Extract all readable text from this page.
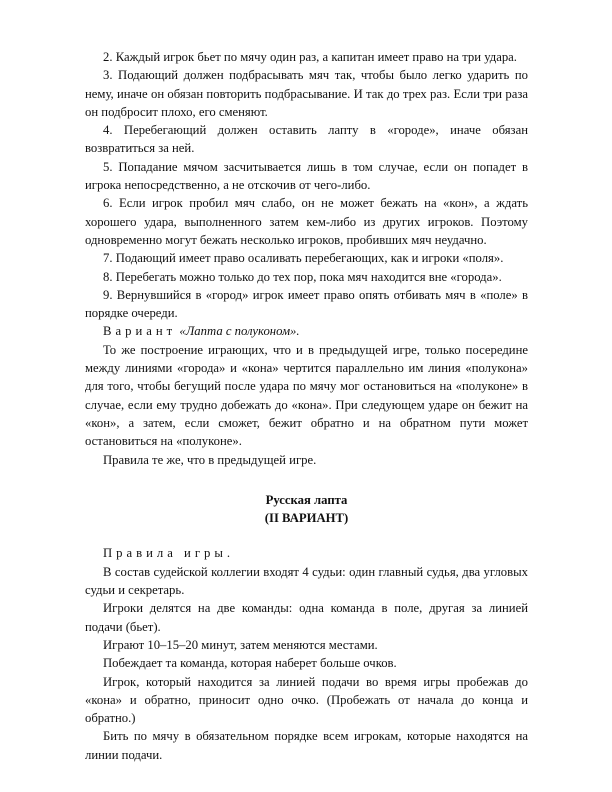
2. Каждый игрок бьет по мячу один раз, а капитан имеет право на три удара.

3. Подающий должен подбрасывать мяч так, чтобы было легко ударить по нему, иначе он обязан повторить подбрасывание. И так до трех раз. Если три раза он подбросит плохо, его сменяют.

4. Перебегающий должен оставить лапту в «городе», иначе обязан возвратиться за ней.

5. Попадание мячом засчитывается лишь в том случае, если он попадет в игрока непосредственно, а не отскочив от чего-либо.

6. Если игрок пробил мяч слабо, он не может бежать на «кон», а ждать хорошего удара, выполненного затем кем-либо из других игроков. Поэтому одновременно могут бежать несколько игроков, пробивших мяч неудачно.

7. Подающий имеет право осаливать перебегающих, как и игроки «поля».

8. Перебегать можно только до тех пор, пока мяч находится вне «города».

9. Вернувшийся в «город» игрок имеет право опять отбивать мяч в «поле» в порядке очереди.

Вариант «Лапта с полуконом».

То же построение играющих, что и в предыдущей игре, только посередине между линиями «города» и «кона» чертится параллельно им линия «полукона» для того, чтобы бегущий после удара по мячу мог остановиться на «полуконе» в случае, если ему трудно добежать до «кона». При следующем ударе он бежит на «кон», а затем, если сможет, бежит обратно и на обратном пути может остановиться на «полуконе».

Правила те же, что в предыдущей игре.

Русская лапта
(II ВАРИАНТ)

Правила игры.

В состав судейской коллегии входят 4 судьи: один главный судья, два угловых судьи и секретарь.

Игроки делятся на две команды: одна команда в поле, другая за линией подачи (бьет).

Играют 10–15–20 минут, затем меняются местами.

Побеждает та команда, которая наберет больше очков.

Игрок, который находится за линией подачи во время игры пробежав до «кона» и обратно, приносит одно очко. (Пробежать от начала до конца и обратно.)

Бить по мячу в обязательном порядке всем игрокам, которые находятся на линии подачи.
